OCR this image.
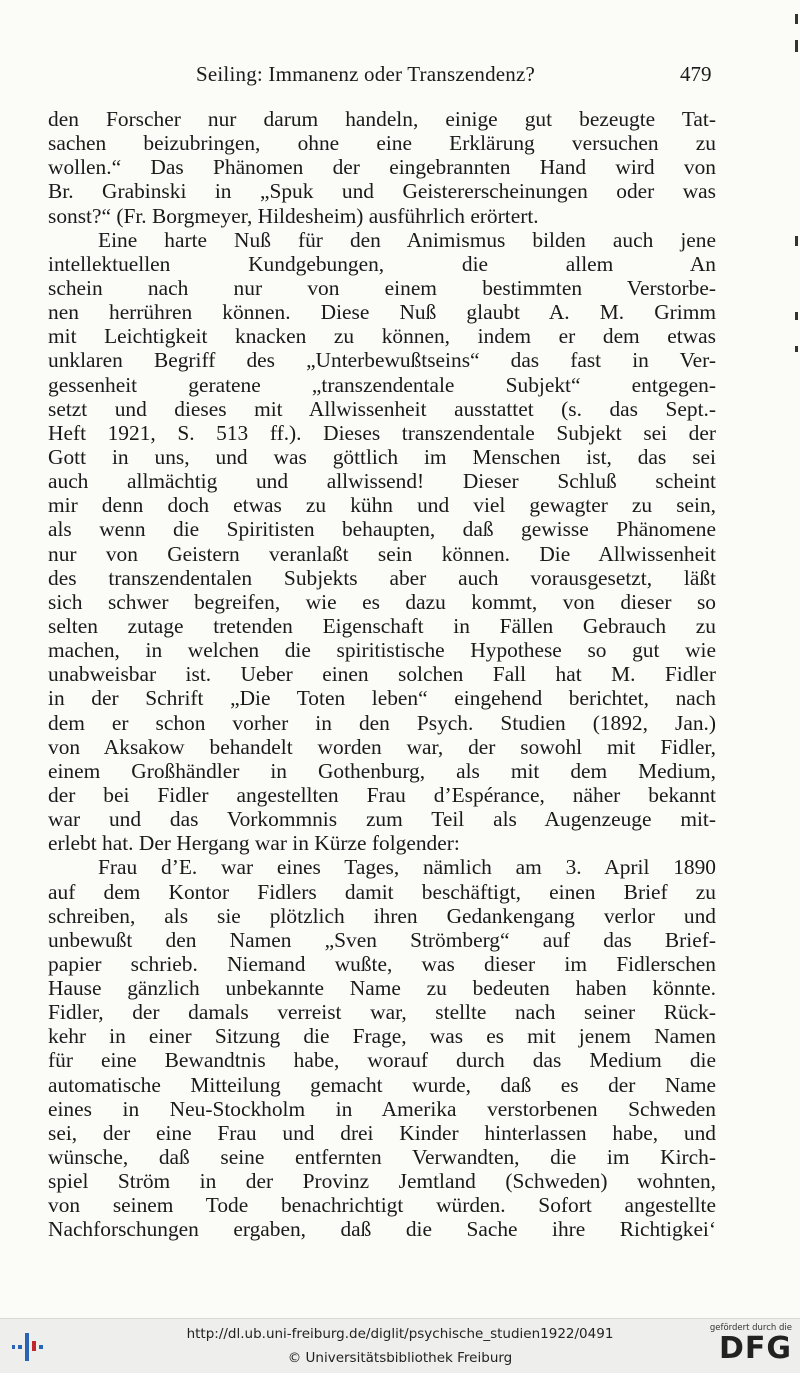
Seiling: Immanenz oder Transzendenz?	479
den Forscher nur darum handeln, einige gut bezeugte Tat-
sachen beizubringen, ohne eine Erklärung versuchen zu
wollen.“ Das Phänomen der eingebrannten Hand wird von
Br. Grabinski in „Spuk und Geistererscheinungen oder was
sonst?“ (Fr. Borgmeyer, Hildesheim) ausführlich erörtert.
Eine harte Nuß für den Animismus bilden auch jene
intellektuellen Kundgebungen, die allem An
schein nach nur von einem bestimmten Verstorbe-
nen herrühren können. Diese Nuß glaubt A. M. Grimm
mit Leichtigkeit knacken zu können, indem er dem etwas
unklaren Begriff des „Unterbewußtseins“ das fast in Ver-
gessenheit geratene „transzendentale Subjekt“ entgegen-
setzt und dieses mit Allwissenheit ausstattet (s. das Sept.-
Heft 1921, S. 513 ff.). Dieses transzendentale Subjekt sei der
Gott in uns, und was göttlich im Menschen ist, das sei
auch allmächtig und allwissend! Dieser Schluß scheint
mir denn doch etwas zu kühn und viel gewagter zu sein,
als wenn die Spiritisten behaupten, daß gewisse Phänomene
nur von Geistern veranlaßt sein können. Die Allwissenheit
des transzendentalen Subjekts aber auch vorausgesetzt, läßt
sich schwer begreifen, wie es dazu kommt, von dieser so
selten zutage tretenden Eigenschaft in Fällen Gebrauch zu
machen, in welchen die spiritistische Hypothese so gut wie
unabweisbar ist. Ueber einen solchen Fall hat M. Fidler
in der Schrift „Die Toten leben“ eingehend berichtet, nach
dem er schon vorher in den Psych. Studien (1892, Jan.)
von Aksakow behandelt worden war, der sowohl mit Fidler,
einem Großhändler in Gothenburg, als mit dem Medium,
der bei Fidler angestellten Frau d’Espérance, näher bekannt
war und das Vorkommnis zum Teil als Augenzeuge mit-
erlebt hat. Der Hergang war in Kürze folgender:
Frau d’E. war eines Tages, nämlich am 3. April 1890
auf dem Kontor Fidlers damit beschäftigt, einen Brief zu
schreiben, als sie plötzlich ihren Gedankengang verlor und
unbewußt den Namen „Sven Strömberg“ auf das Brief-
papier schrieb. Niemand wußte, was dieser im Fidlerschen
Hause gänzlich unbekannte Name zu bedeuten haben könnte.
Fidler, der damals verreist war, stellte nach seiner Rück-
kehr in einer Sitzung die Frage, was es mit jenem Namen
für eine Bewandtnis habe, worauf durch das Medium die
automatische Mitteilung gemacht wurde, daß es der Name
eines in Neu-Stockholm in Amerika verstorbenen Schweden
sei, der eine Frau und drei Kinder hinterlassen habe, und
wünsche, daß seine entfernten Verwandten, die im Kirch-
spiel Ström in der Provinz Jemtland (Schweden) wohnten,
von seinem Tode benachrichtigt würden. Sofort angestellte
Nachforschungen ergaben, daß die Sache ihre Richtigkei‘
http://dl.ub.uni-freiburg.de/diglit/psychische_studien1922/0491
© Universitätsbibliothek Freiburg
gefördert durch die
DFG
